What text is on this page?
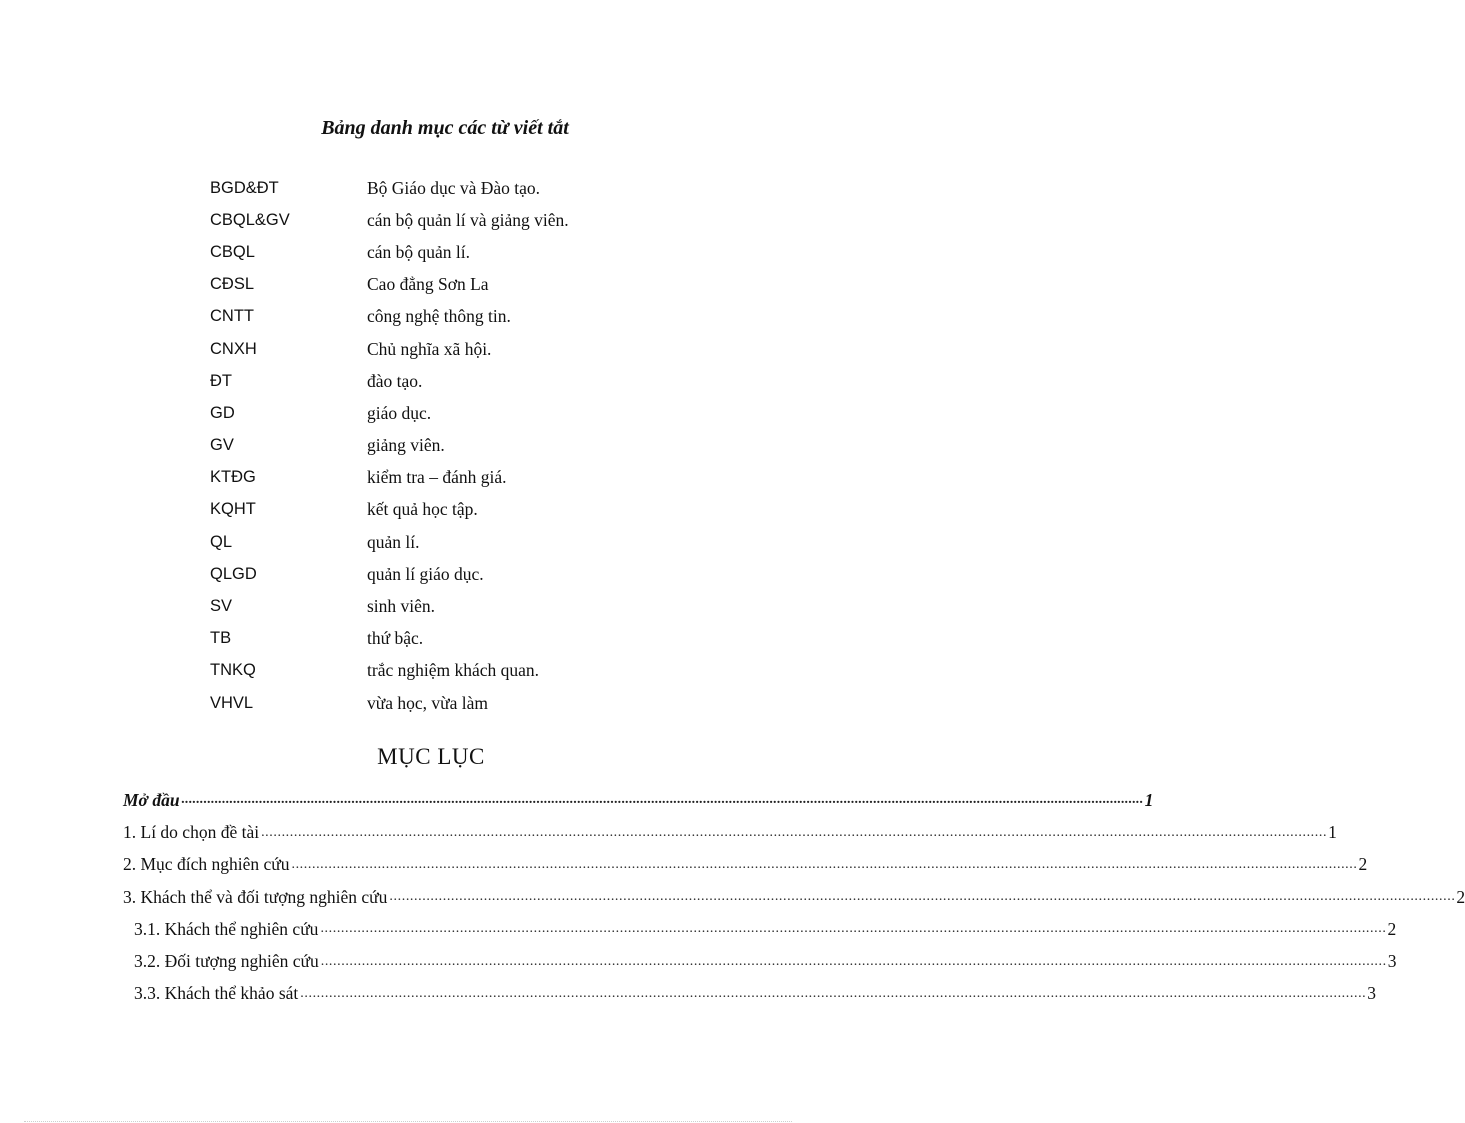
Bảng danh mục các từ viết tắt
BGD&ĐT	Bộ Giáo dục và Đào tạo.
CBQL&GV	cán bộ quản lí và giảng viên.
CBQL	cán bộ quản lí.
CĐSL	Cao đẳng Sơn La
CNTT	công nghệ thông tin.
CNXH	Chủ nghĩa xã hội.
ĐT	đào tạo.
GD	giáo dục.
GV	giảng viên.
KTĐG	kiểm tra – đánh giá.
KQHT	kết quả học tập.
QL	quản lí.
QLGD	quản lí giáo dục.
SV	sinh viên.
TB	thứ bậc.
TNKQ	trắc nghiệm khách quan.
VHVL	vừa học, vừa làm
MỤC LỤC
Mở đầu .................................................................................................................................................................................................................................................................... 1
1. Lí do chọn đề tài .................................................................................................................................................................................................................................................................... 1
2. Mục đích nghiên cứu .................................................................................................................................................................................................................................................................... 2
3. Khách thể và đối tượng nghiên cứu .................................................................................................................................................................................................................................................................... 2
3.1. Khách thể nghiên cứu .................................................................................................................................................................................................................................................................... 2
3.2. Đối tượng nghiên cứu .................................................................................................................................................................................................................................................................... 3
3.3. Khách thể khảo sát .................................................................................................................................................................................................................................................................... 3
